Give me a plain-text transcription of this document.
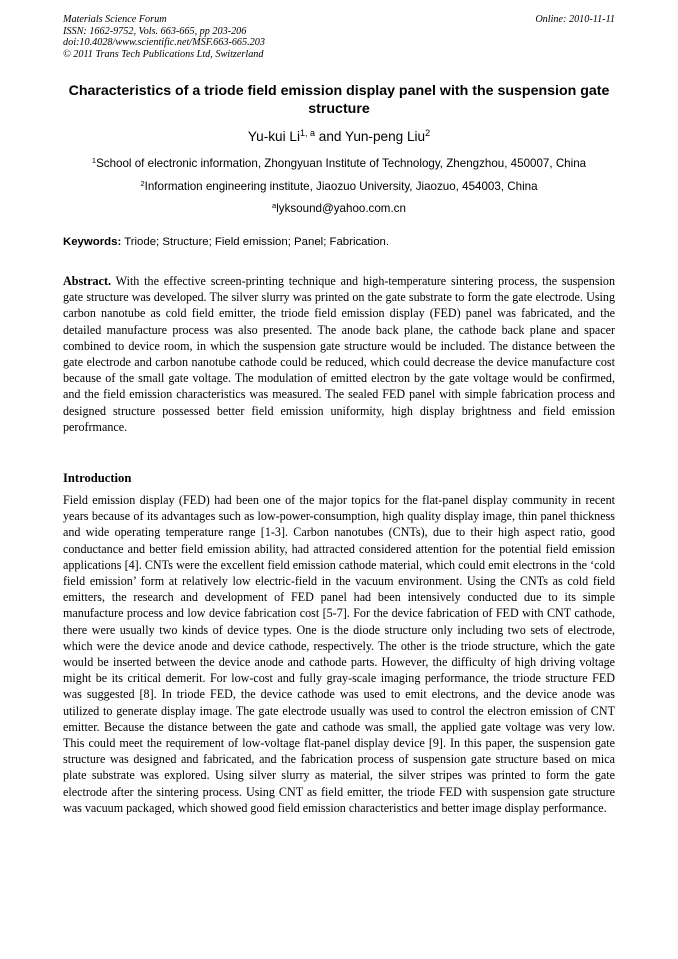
Materials Science Forum
ISSN: 1662-9752, Vols. 663-665, pp 203-206
doi:10.4028/www.scientific.net/MSF.663-665.203
© 2011 Trans Tech Publications Ltd, Switzerland
Online: 2010-11-11
Characteristics of a triode field emission display panel with the suspension gate structure
Yu-kui Li$^{1, a}$ and Yun-peng Liu$^2$
$^1$School of electronic information, Zhongyuan Institute of Technology, Zhengzhou, 450007, China
$^2$Information engineering institute, Jiaozuo University, Jiaozuo, 454003, China
$^a$lyksound@yahoo.com.cn
Keywords: Triode; Structure; Field emission; Panel; Fabrication.
Abstract. With the effective screen-printing technique and high-temperature sintering process, the suspension gate structure was developed. The silver slurry was printed on the gate substrate to form the gate electrode. Using carbon nanotube as cold field emitter, the triode field emission display (FED) panel was fabricated, and the detailed manufacture process was also presented. The anode back plane, the cathode back plane and spacer combined to device room, in which the suspension gate structure would be included. The distance between the gate electrode and carbon nanotube cathode could be reduced, which could decrease the device manufacture cost because of the small gate voltage. The modulation of emitted electron by the gate voltage would be confirmed, and the field emission characteristics was measured. The sealed FED panel with simple fabrication process and designed structure possessed better field emission uniformity, high display brightness and field emission perofrmance.
Introduction
Field emission display (FED) had been one of the major topics for the flat-panel display community in recent years because of its advantages such as low-power-consumption, high quality display image, thin panel thickness and wide operating temperature range [1-3]. Carbon nanotubes (CNTs), due to their high aspect ratio, good conductance and better field emission ability, had attracted considered attention for the potential field emission applications [4]. CNTs were the excellent field emission cathode material, which could emit electrons in the ‘cold field emission’ form at relatively low electric-field in the vacuum environment. Using the CNTs as cold field emitters, the research and development of FED panel had been intensively conducted due to its simple manufacture process and low device fabrication cost [5-7]. For the device fabrication of FED with CNT cathode, there were usually two kinds of device types. One is the diode structure only including two sets of electrode, which were the device anode and device cathode, respectively. The other is the triode structure, which the gate would be inserted between the device anode and cathode parts. However, the difficulty of high driving voltage might be its critical demerit. For low-cost and fully gray-scale imaging performance, the triode structure FED was suggested [8]. In triode FED, the device cathode was used to emit electrons, and the device anode was utilized to generate display image. The gate electrode usually was used to control the electron emission of CNT emitter. Because the distance between the gate and cathode was small, the applied gate voltage was very low. This could meet the requirement of low-voltage flat-panel display device [9]. In this paper, the suspension gate structure was designed and fabricated, and the fabrication process of suspension gate structure based on mica plate substrate was explored. Using silver slurry as material, the silver stripes was printed to form the gate electrode after the sintering process. Using CNT as field emitter, the triode FED with suspension gate structure was vacuum packaged, which showed good field emission characteristics and better image display performance.
